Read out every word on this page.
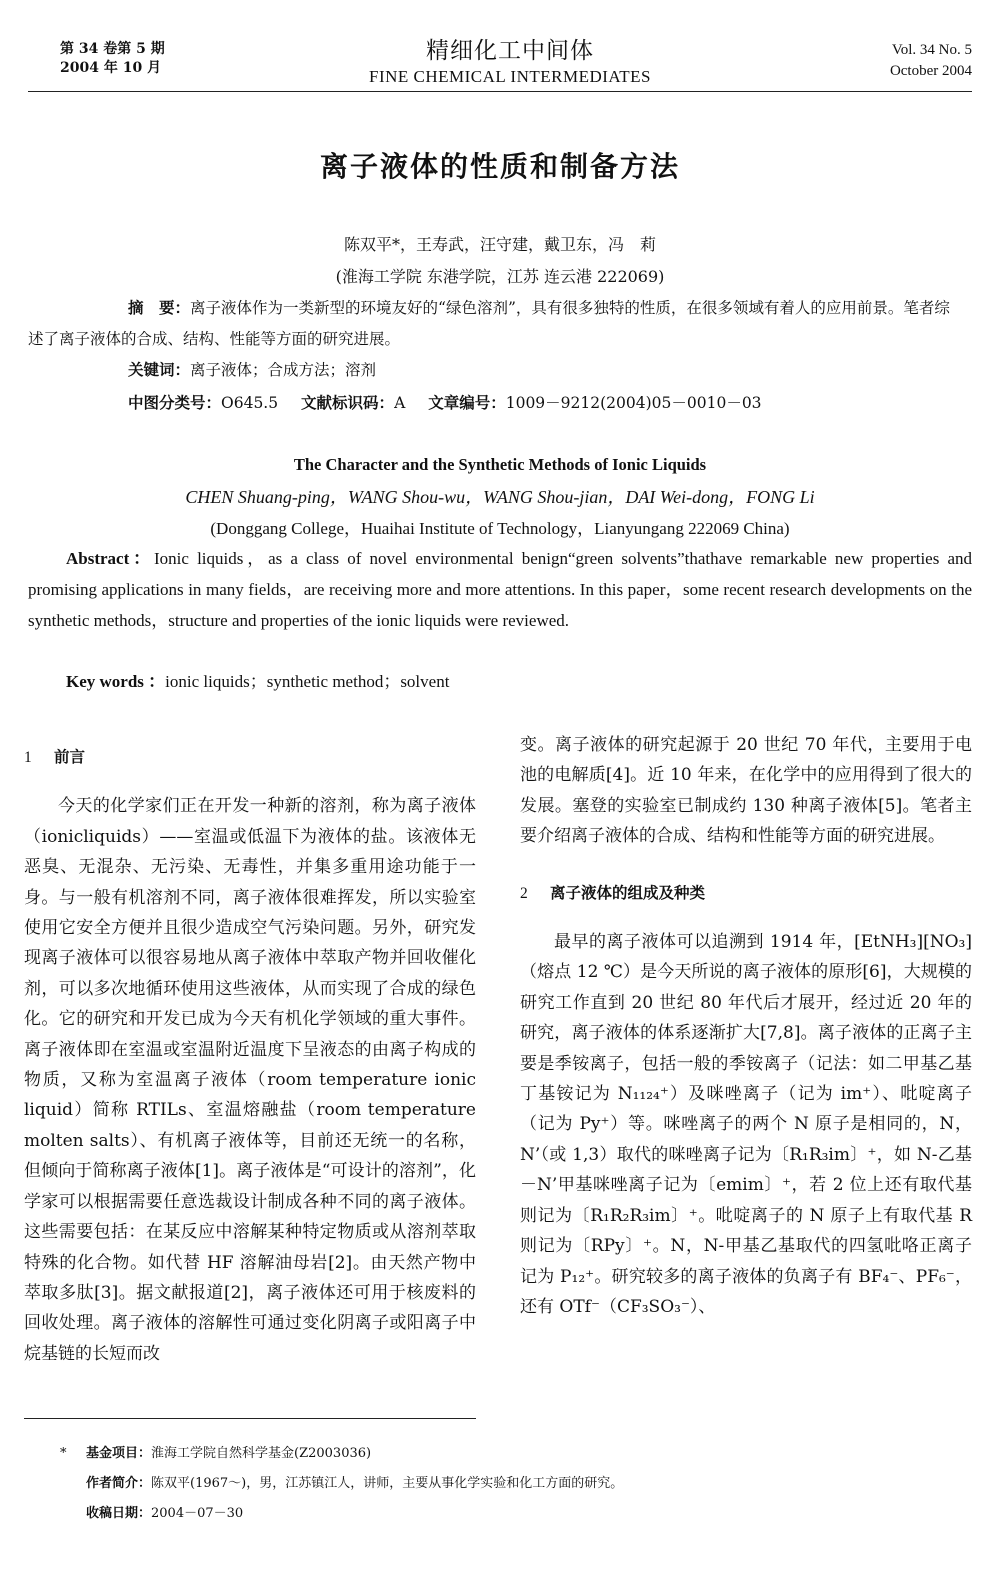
第 34 卷第 5 期
2004 年 10 月
精细化工中间体
FINE CHEMICAL INTERMEDIATES
Vol. 34 No. 5
October 2004
离子液体的性质和制备方法
陈双平*，王寿武，汪守建，戴卫东，冯　莉
(淮海工学院 东港学院，江苏 连云港 222069)
摘　要：离子液体作为一类新型的环境友好的“绿色溶剂”，具有很多独特的性质，在很多领域有着人的应用前景。笔者综述了离子液体的合成、结构、性能等方面的研究进展。
关键词：离子液体；合成方法；溶剂
中图分类号：O645.5 文献标识码：A 文章编号：1009－9212(2004)05－0010－03
The Character and the Synthetic Methods of Ionic Liquids
CHEN Shuang-ping，WANG Shou-wu，WANG Shou-jian，DAI Wei-dong，FONG Li
(Donggang College，Huaihai Institute of Technology，Lianyungang 222069 China)
Abstract：Ionic liquids，as a class of novel environmental benign“green solvents”thathave remarkable new properties and promising applications in many fields，are receiving more and more attentions. In this paper，some recent research developments on the synthetic methods，structure and properties of the ionic liquids were reviewed.
Key words ：ionic liquids；synthetic method；solvent
1 前言

今天的化学家们正在开发一种新的溶剂，称为离子液体（ionicliquids）——室温或低温下为液体的盐。该液体无恶臭、无混杂、无污染、无毒性，并集多重用途功能于一身。与一般有机溶剂不同，离子液体很难挥发，所以实验室使用它安全方便并且很少造成空气污染问题。另外，研究发现离子液体可以很容易地从离子液体中萃取产物并回收催化剂，可以多次地循环使用这些液体，从而实现了合成的绿色化。它的研究和开发已成为今天有机化学领域的重大事件。离子液体即在室温或室温附近温度下呈液态的由离子构成的物质，又称为室温离子液体（room temperature ionic liquid）简称 RTILs、室温熔融盐（room temperature molten salts）、有机离子液体等，目前还无统一的名称，但倾向于简称离子液体[1]。离子液体是“可设计的溶剂”，化学家可以根据需要任意选裁设计制成各种不同的离子液体。这些需要包括：在某反应中溶解某种特定物质或从溶剂萃取特殊的化合物。如代替 HF 溶解油母岩[2]。由天然产物中萃取多肽[3]。据文献报道[2]，离子液体还可用于核废料的回收处理。离子液体的溶解性可通过变化阴离子或阳离子中烷基链的长短而改

变。离子液体的研究起源于 20 世纪 70 年代，主要用于电池的电解质[4]。近 10 年来，在化学中的应用得到了很大的发展。塞登的实验室已制成约 130 种离子液体[5]。笔者主要介绍离子液体的合成、结构和性能等方面的研究进展。

2 离子液体的组成及种类

最早的离子液体可以追溯到 1914 年，[EtNH₃][NO₃]（熔点 12 ℃）是今天所说的离子液体的原形[6]，大规模的研究工作直到 20 世纪 80 年代后才展开，经过近 20 年的研究，离子液体的体系逐渐扩大[7,8]。离子液体的正离子主要是季铵离子，包括一般的季铵离子（记法：如二甲基乙基丁基铵记为 N₁₁₂₄⁺）及咪唑离子（记为 im⁺）、吡啶离子（记为 Py⁺）等。咪唑离子的两个 N 原子是相同的，N，N’（或 1,3）取代的咪唑离子记为〔R₁R₃im〕⁺，如 N-乙基－N’甲基咪唑离子记为〔emim〕⁺，若 2 位上还有取代基则记为〔R₁R₂R₃im〕⁺。吡啶离子的 N 原子上有取代基 R 则记为〔RPy〕⁺。N，N-甲基乙基取代的四氢吡咯正离子记为 P₁₂⁺。研究较多的离子液体的负离子有 BF₄⁻、PF₆⁻，还有 OTf⁻（CF₃SO₃⁻）、

* 基金项目：淮海工学院自然科学基金(Z2003036)
作者简介：陈双平(1967～)，男，江苏镇江人，讲师，主要从事化学实验和化工方面的研究。
收稿日期：2004－07－30
